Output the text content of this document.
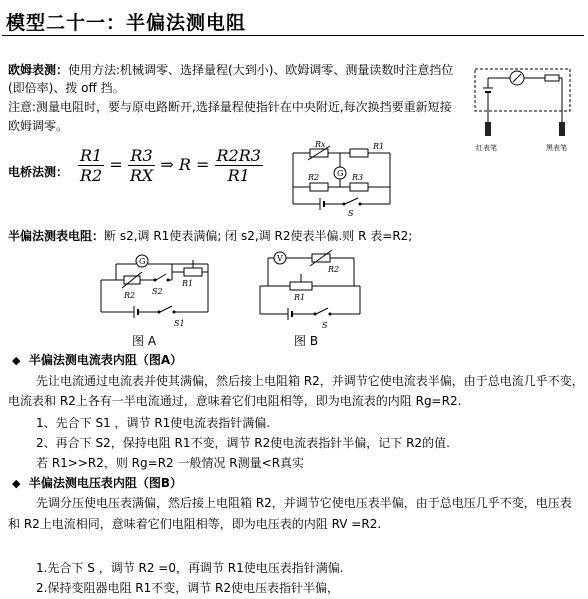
模型二十一：半偏法测电阻
欧姆表测：使用方法:机械调零、选择量程(大到小)、欧姆调零、测量读数时注意挡位
(即倍率)、拨 off 挡。
注意:测量电阻时，要与原电路断开,选择量程使指针在中央附近,每次换挡要重新短接
欧姆调零。
红表笔	黑表笔
电桥法测： $\frac{R1}{R2} = \frac{R3}{RX}$ ⇒ $R = \frac{R2R3}{R1}$
Rx	R1
G
R2	R3
S
半偏法测表电阻：断 s2,调 R1使表满偏; 闭 s2,调 R2使表半偏.则 R 表=R2;
G
R2 S2
R1
S1
图 A
V
R2
R1
S
图 B
◆ 半偏法测电流表内阻（图A）
先让电流通过电流表并使其满偏，然后接上电阻箱 R2，并调节它使电流表半偏，由于总电流几乎不变，
电流表和 R2上各有一半电流通过，意味着它们电阻相等，即为电流表的内阻 Rg=R2.
1、先合下 S1 ，调节 R1使电流表指针满偏.
2、再合下 S2，保持电阻 R1不变，调节 R2使电流表指针半偏，记下 R2的值.
若 R1>>R2，则 Rg=R2 一般情况 R测量<R真实
◆ 半偏法测电压表内阻（图B）
先调分压使电压表满偏，然后接上电阻箱 R2，并调节它使电压表半偏，由于总电压几乎不变，电压表
和 R2上电流相同，意味着它们电阻相等，即为电压表的内阻 RV =R2.
1.先合下 S ，调节 R2 =0，再调节 R1使电压表指针满偏.
2.保持变阻器电阻 R1不变，调节 R2使电压表指针半偏，
